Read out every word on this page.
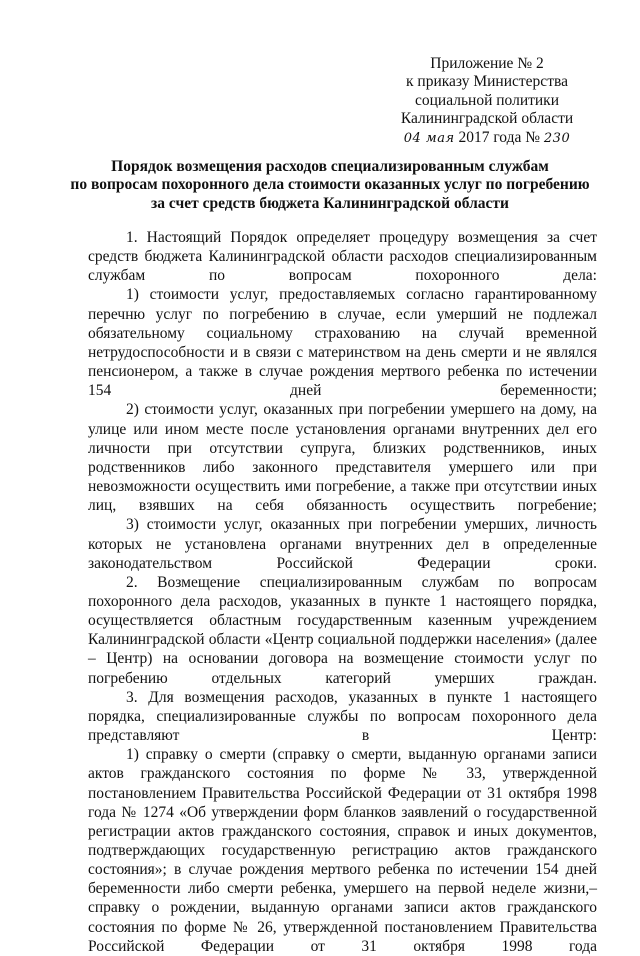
Приложение № 2
к приказу Министерства
социальной политики
Калининградской области
04 мая 2017 года № 230
Порядок возмещения расходов специализированным службам
по вопросам похоронного дела стоимости оказанных услуг по погребению
за счет средств бюджета Калининградской области

1. Настоящий Порядок определяет процедуру возмещения за счет средств бюджета Калининградской области расходов специализированным службам по вопросам похоронного дела:

1) стоимости услуг, предоставляемых согласно гарантированному перечню услуг по погребению в случае, если умерший не подлежал обязательному социальному страхованию на случай временной нетрудоспособности и в связи с материнством на день смерти и не являлся пенсионером, а также в случае рождения мертвого ребенка по истечении 154 дней беременности;

2) стоимости услуг, оказанных при погребении умершего на дому, на улице или ином месте после установления органами внутренних дел его личности при отсутствии супруга, близких родственников, иных родственников либо законного представителя умершего или при невозможности осуществить ими погребение, а также при отсутствии иных лиц, взявших на себя обязанность осуществить погребение;

3) стоимости услуг, оказанных при погребении умерших, личность которых не установлена органами внутренних дел в определенные законодательством Российской Федерации сроки.

2. Возмещение специализированным службам по вопросам похоронного дела расходов, указанных в пункте 1 настоящего порядка, осуществляется областным государственным казенным учреждением Калининградской области «Центр социальной поддержки населения» (далее – Центр) на основании договора на возмещение стоимости услуг по погребению отдельных категорий умерших граждан.

3. Для возмещения расходов, указанных в пункте 1 настоящего порядка, специализированные службы по вопросам похоронного дела представляют в Центр:

1) справку о смерти (справку о смерти, выданную органами записи актов гражданского состояния по форме № 33, утвержденной постановлением Правительства Российской Федерации от 31 октября 1998 года № 1274 «Об утверждении форм бланков заявлений о государственной регистрации актов гражданского состояния, справок и иных документов, подтверждающих государственную регистрацию актов гражданского состояния»; в случае рождения мертвого ребенка по истечении 154 дней беременности либо смерти ребенка, умершего на первой неделе жизни,– справку о рождении, выданную органами записи актов гражданского состояния по форме № 26, утвержденной постановлением Правительства Российской Федерации от 31 октября 1998 года
